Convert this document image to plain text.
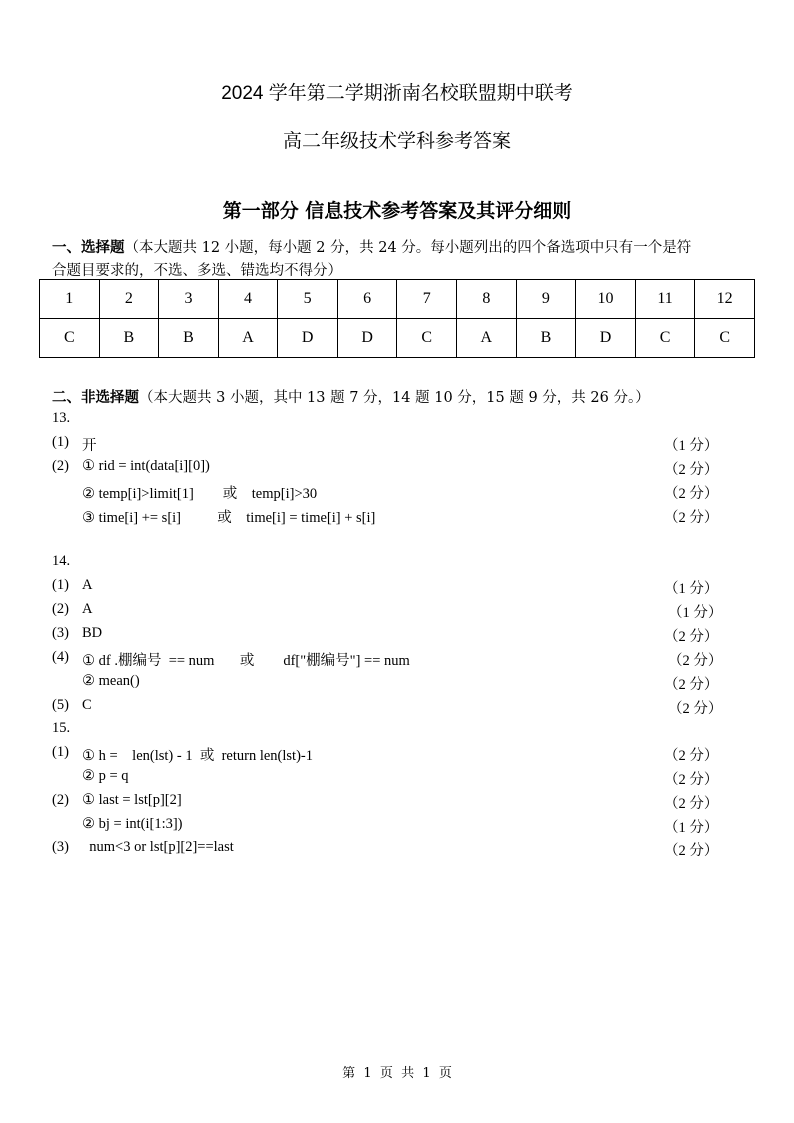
2024 学年第二学期浙南名校联盟期中联考
高二年级技术学科参考答案
第一部分 信息技术参考答案及其评分细则
一、选择题（本大题共 12 小题，每小题 2 分，共 24 分。每小题列出的四个备选项中只有一个是符
合题目要求的，不选、多选、错选均不得分）
1	2	3	4	5	6	7	8	9	10	11	12
C	B	B	A	D	D	C	A	B	D	C	C
二、非选择题（本大题共 3 小题，其中 13 题 7 分，14 题 10 分，15 题 9 分，共 26 分。）
13.
(1) 开	（1 分）
(2) ① rid = int(data[i][0])	（2 分）
② temp[i]>limit[1]        或    temp[i]>30	（2 分）
③ time[i] += s[i]          或    time[i] = time[i] + s[i]	（2 分）
14.
(1) A	（1 分）
(2) A	（1 分）
(3) BD	（2 分）
(4) ① df .棚编号  == num       或        df["棚编号"] == num	（2 分）
② mean()	（2 分）
(5) C	（2 分）
15.
(1) ① h =    len(lst) - 1  或  return len(lst)-1	（2 分）
② p = q	（2 分）
(2) ① last = lst[p][2]	（2 分）
② bj = int(i[1:3])	（1 分）
(3) num<3 or lst[p][2]==last	（2 分）
第  1  页  共  1  页
